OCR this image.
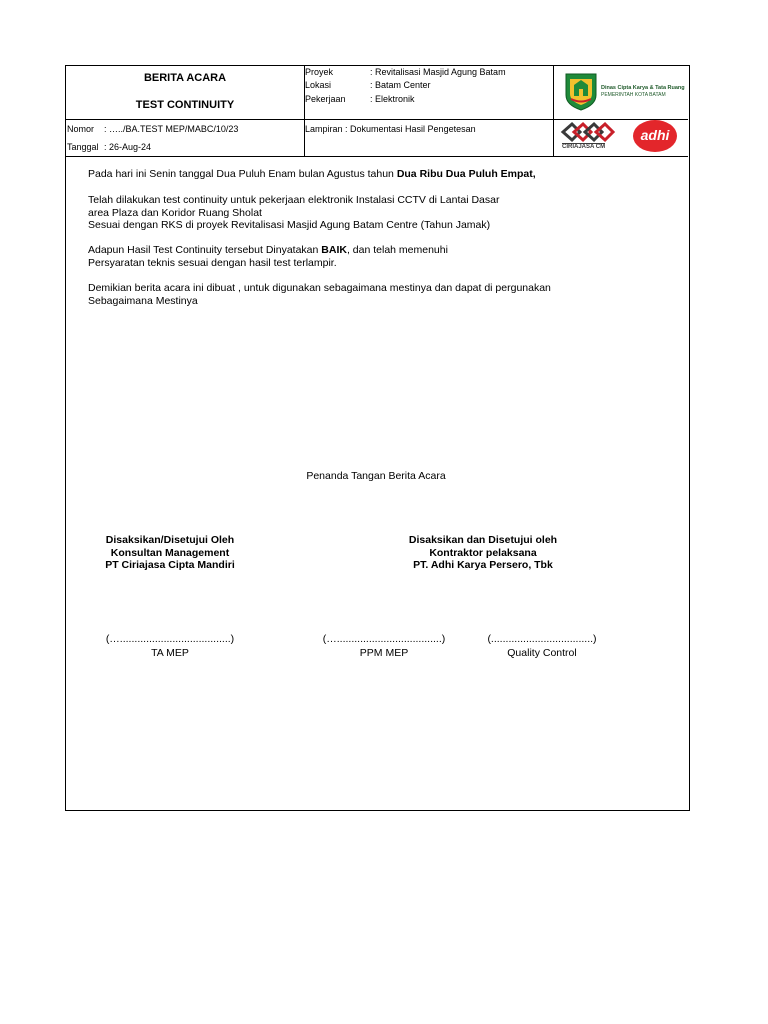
BERITA ACARA
TEST CONTINUITY
Proyek	: Revitalisasi Masjid Agung Batam
Lokasi	: Batam Center
Pekerjaan	: Elektronik
Nomor : …../BA.TEST MEP/MABC/10/23
Tanggal : 26-Aug-24
Lampiran : Dokumentasi Hasil Pengetesan
Dinas Cipta Karya & Tata Ruang
PEMERINTAH KOTA BATAM
CIRIAJASA CM
adhi
Pada hari ini Senin tanggal Dua Puluh Enam bulan Agustus tahun Dua Ribu Dua Puluh Empat,
Telah dilakukan test continuity untuk pekerjaan elektronik Instalasi CCTV di Lantai Dasar
area Plaza dan Koridor Ruang Sholat
Sesuai dengan RKS di proyek Revitalisasi Masjid Agung Batam Centre (Tahun Jamak)
Adapun Hasil Test Continuity tersebut Dinyatakan BAIK, dan telah memenuhi
Persyaratan teknis sesuai dengan hasil test terlampir.
Demikian berita acara ini dibuat , untuk digunakan sebagaimana mestinya dan dapat di pergunakan
Sebagaimana Mestinya
Penanda Tangan Berita Acara
Disaksikan/Disetujui Oleh
Konsultan Management
PT Ciriajasa Cipta Mandiri
Disaksikan dan Disetujui oleh
Kontraktor pelaksana
PT. Adhi Karya Persero, Tbk
(…......................................)
TA MEP
(…....................................)
PPM MEP
(...................................)
Quality Control
